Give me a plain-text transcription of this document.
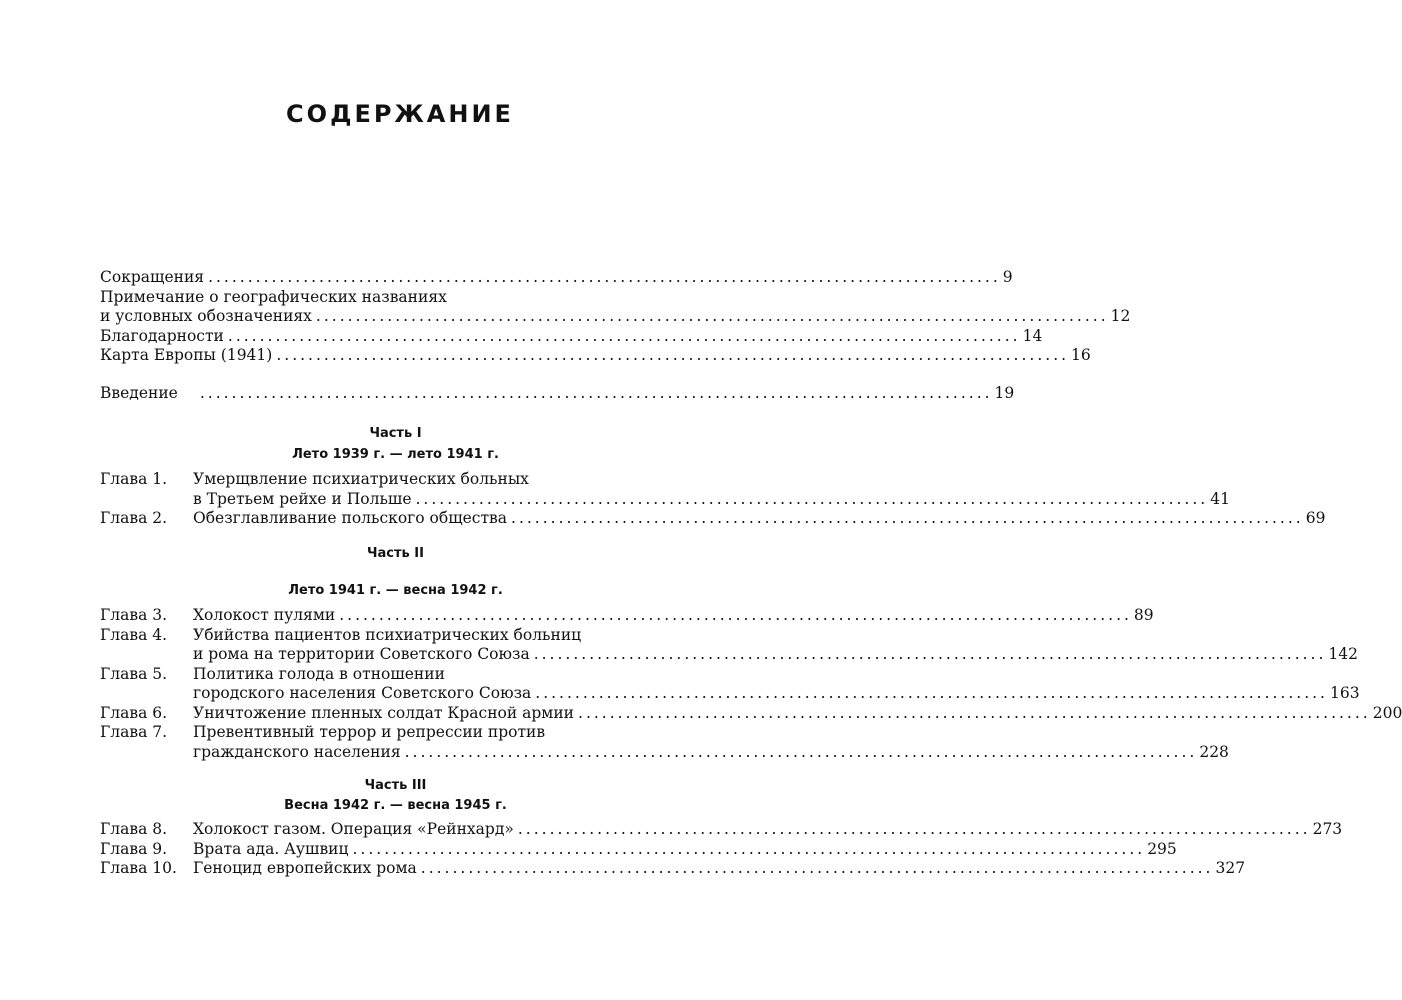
СОДЕРЖАНИЕ
Сокращения .................................................................................................... 9
Примечание о географических названиях
и условных обозначениях .................................................................................................... 12
Благодарности .................................................................................................... 14
Карта Европы (1941) .................................................................................................... 16
Введение .................................................................................................... 19
Часть I
Лето 1939 г. — лето 1941 г.
Глава 1.	Умерщвление психиатрических больных
в Третьем рейхе и Польше .................................................................................................... 41
Глава 2.	Обезглавливание польского общества .................................................................................................... 69
Часть II
Лето 1941 г. — весна 1942 г.
Глава 3.	Холокост пулями .................................................................................................... 89
Глава 4.	Убийства пациентов психиатрических больниц
и рома на территории Советского Союза .................................................................................................... 142
Глава 5.	Политика голода в отношении
городского населения Советского Союза .................................................................................................... 163
Глава 6.	Уничтожение пленных солдат Красной армии .................................................................................................... 200
Глава 7.	Превентивный террор и репрессии против
гражданского населения .................................................................................................... 228
Часть III
Весна 1942 г. — весна 1945 г.
Глава 8.	Холокост газом. Операция «Рейнхард» .................................................................................................... 273
Глава 9.	Врата ада. Аушвиц .................................................................................................... 295
Глава 10.	Геноцид европейских рома .................................................................................................... 327
